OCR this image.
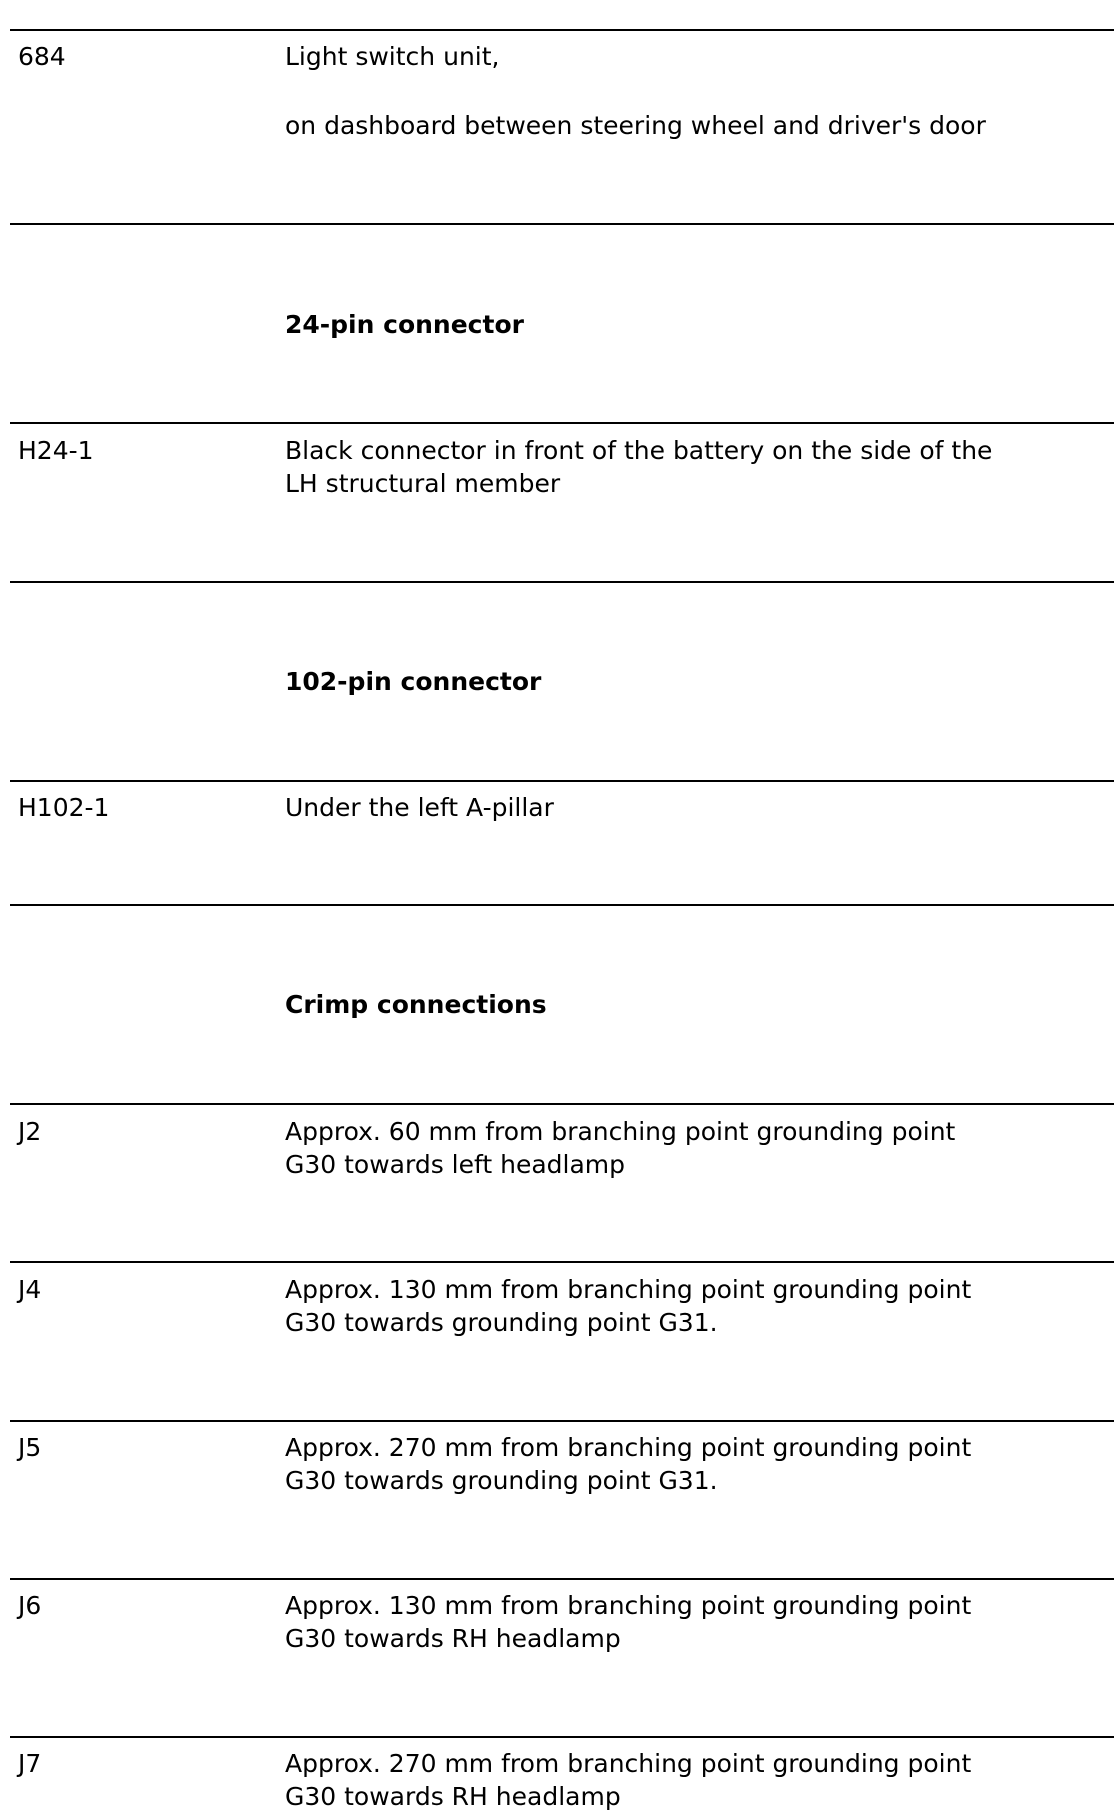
684	Light switch unit,
on dashboard between steering wheel and driver's door
24-pin connector
H24-1	Black connector in front of the battery on the side of the
LH structural member
102-pin connector
H102-1	Under the left A-pillar
Crimp connections
J2	Approx. 60 mm from branching point grounding point
G30 towards left headlamp
J4	Approx. 130 mm from branching point grounding point
G30 towards grounding point G31.
J5	Approx. 270 mm from branching point grounding point
G30 towards grounding point G31.
J6	Approx. 130 mm from branching point grounding point
G30 towards RH headlamp
J7	Approx. 270 mm from branching point grounding point
G30 towards RH headlamp
